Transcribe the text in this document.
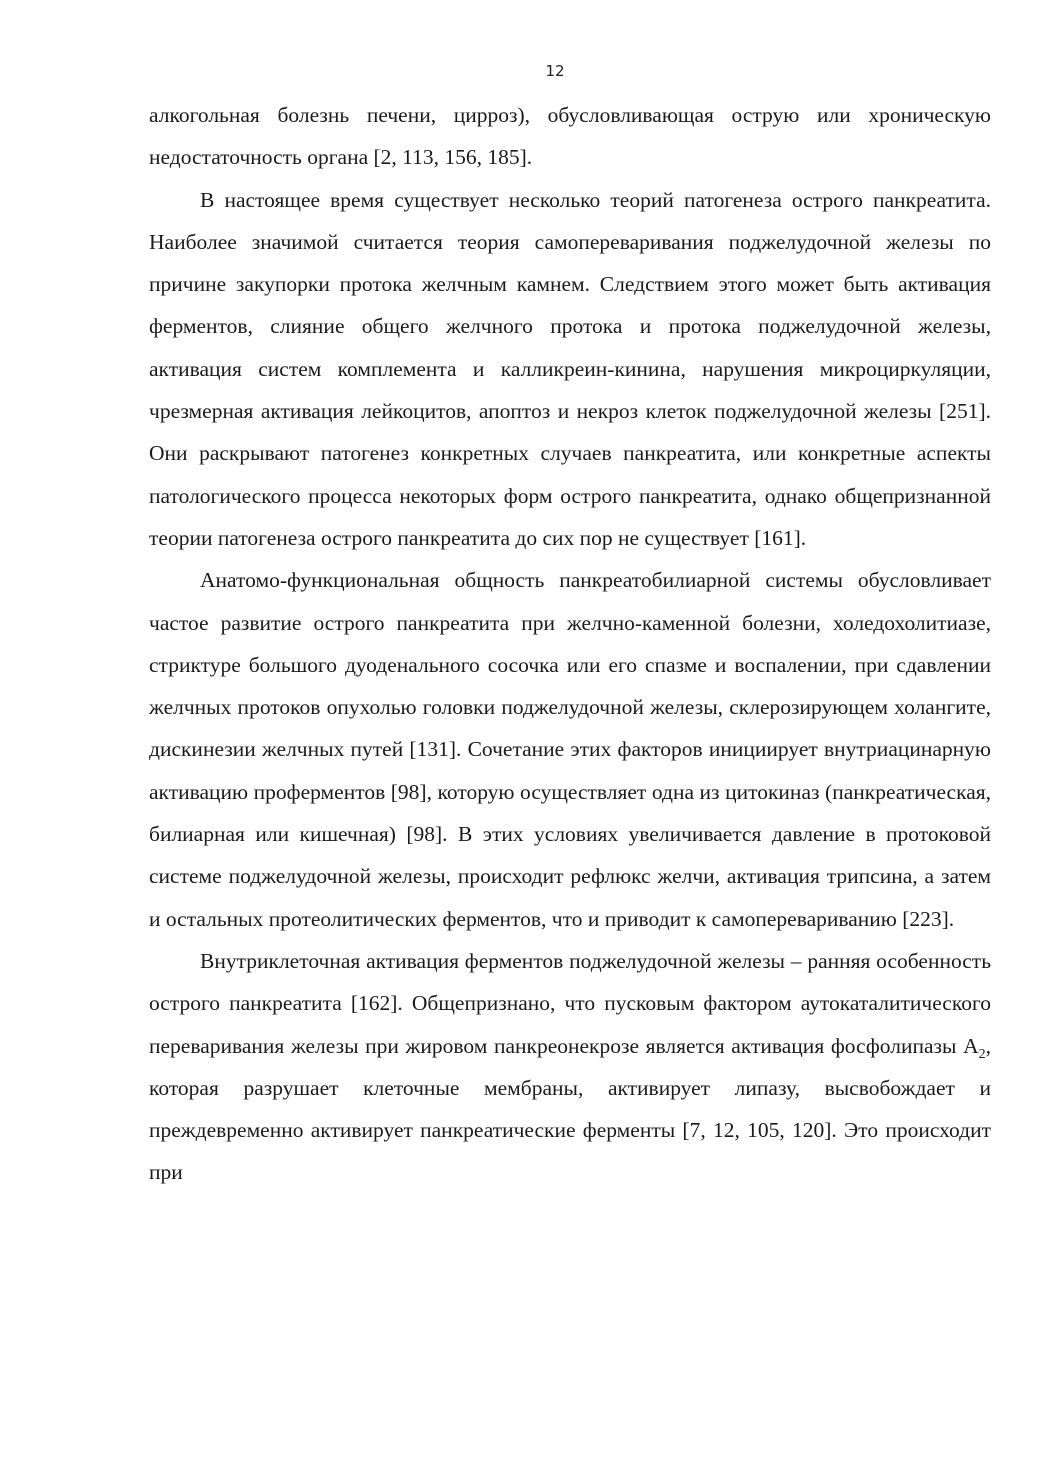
12

алкогольная болезнь печени, цирроз), обусловливающая острую или хроническую недостаточность органа [2, 113, 156, 185].

В настоящее время существует несколько теорий патогенеза острого панкреатита. Наиболее значимой считается теория самопереваривания поджелудочной железы по причине закупорки протока желчным камнем. Следствием этого может быть активация ферментов, слияние общего желчного протока и протока поджелудочной железы, активация систем комплемента и калликреин-кинина, нарушения микроциркуляции, чрезмерная активация лейкоцитов, апоптоз и некроз клеток поджелудочной железы [251]. Они раскрывают патогенез конкретных случаев панкреатита, или конкретные аспекты патологического процесса некоторых форм острого панкреатита, однако общепризнанной теории патогенеза острого панкреатита до сих пор не существует [161].

Анатомо-функциональная общность панкреатобилиарной системы обусловливает частое развитие острого панкреатита при желчно-каменной болезни, холедохолитиазе, стриктуре большого дуоденального сосочка или его спазме и воспалении, при сдавлении желчных протоков опухолью головки поджелудочной железы, склерозирующем холангите, дискинезии желчных путей [131]. Сочетание этих факторов инициирует внутриацинарную активацию проферментов [98], которую осуществляет одна из цитокиназ (панкреатическая, билиарная или кишечная) [98]. В этих условиях увеличивается давление в протоковой системе поджелудочной железы, происходит рефлюкс желчи, активация трипсина, а затем и остальных протеолитических ферментов, что и приводит к самоперевариванию [223].

Внутриклеточная активация ферментов поджелудочной железы – ранняя особенность острого панкреатита [162]. Общепризнано, что пусковым фактором аутокаталитического переваривания железы при жировом панкреонекрозе является активация фосфолипазы $А_2$, которая разрушает клеточные мембраны, активирует липазу, высвобождает и преждевременно активирует панкреатические ферменты [7, 12, 105, 120]. Это происходит при
